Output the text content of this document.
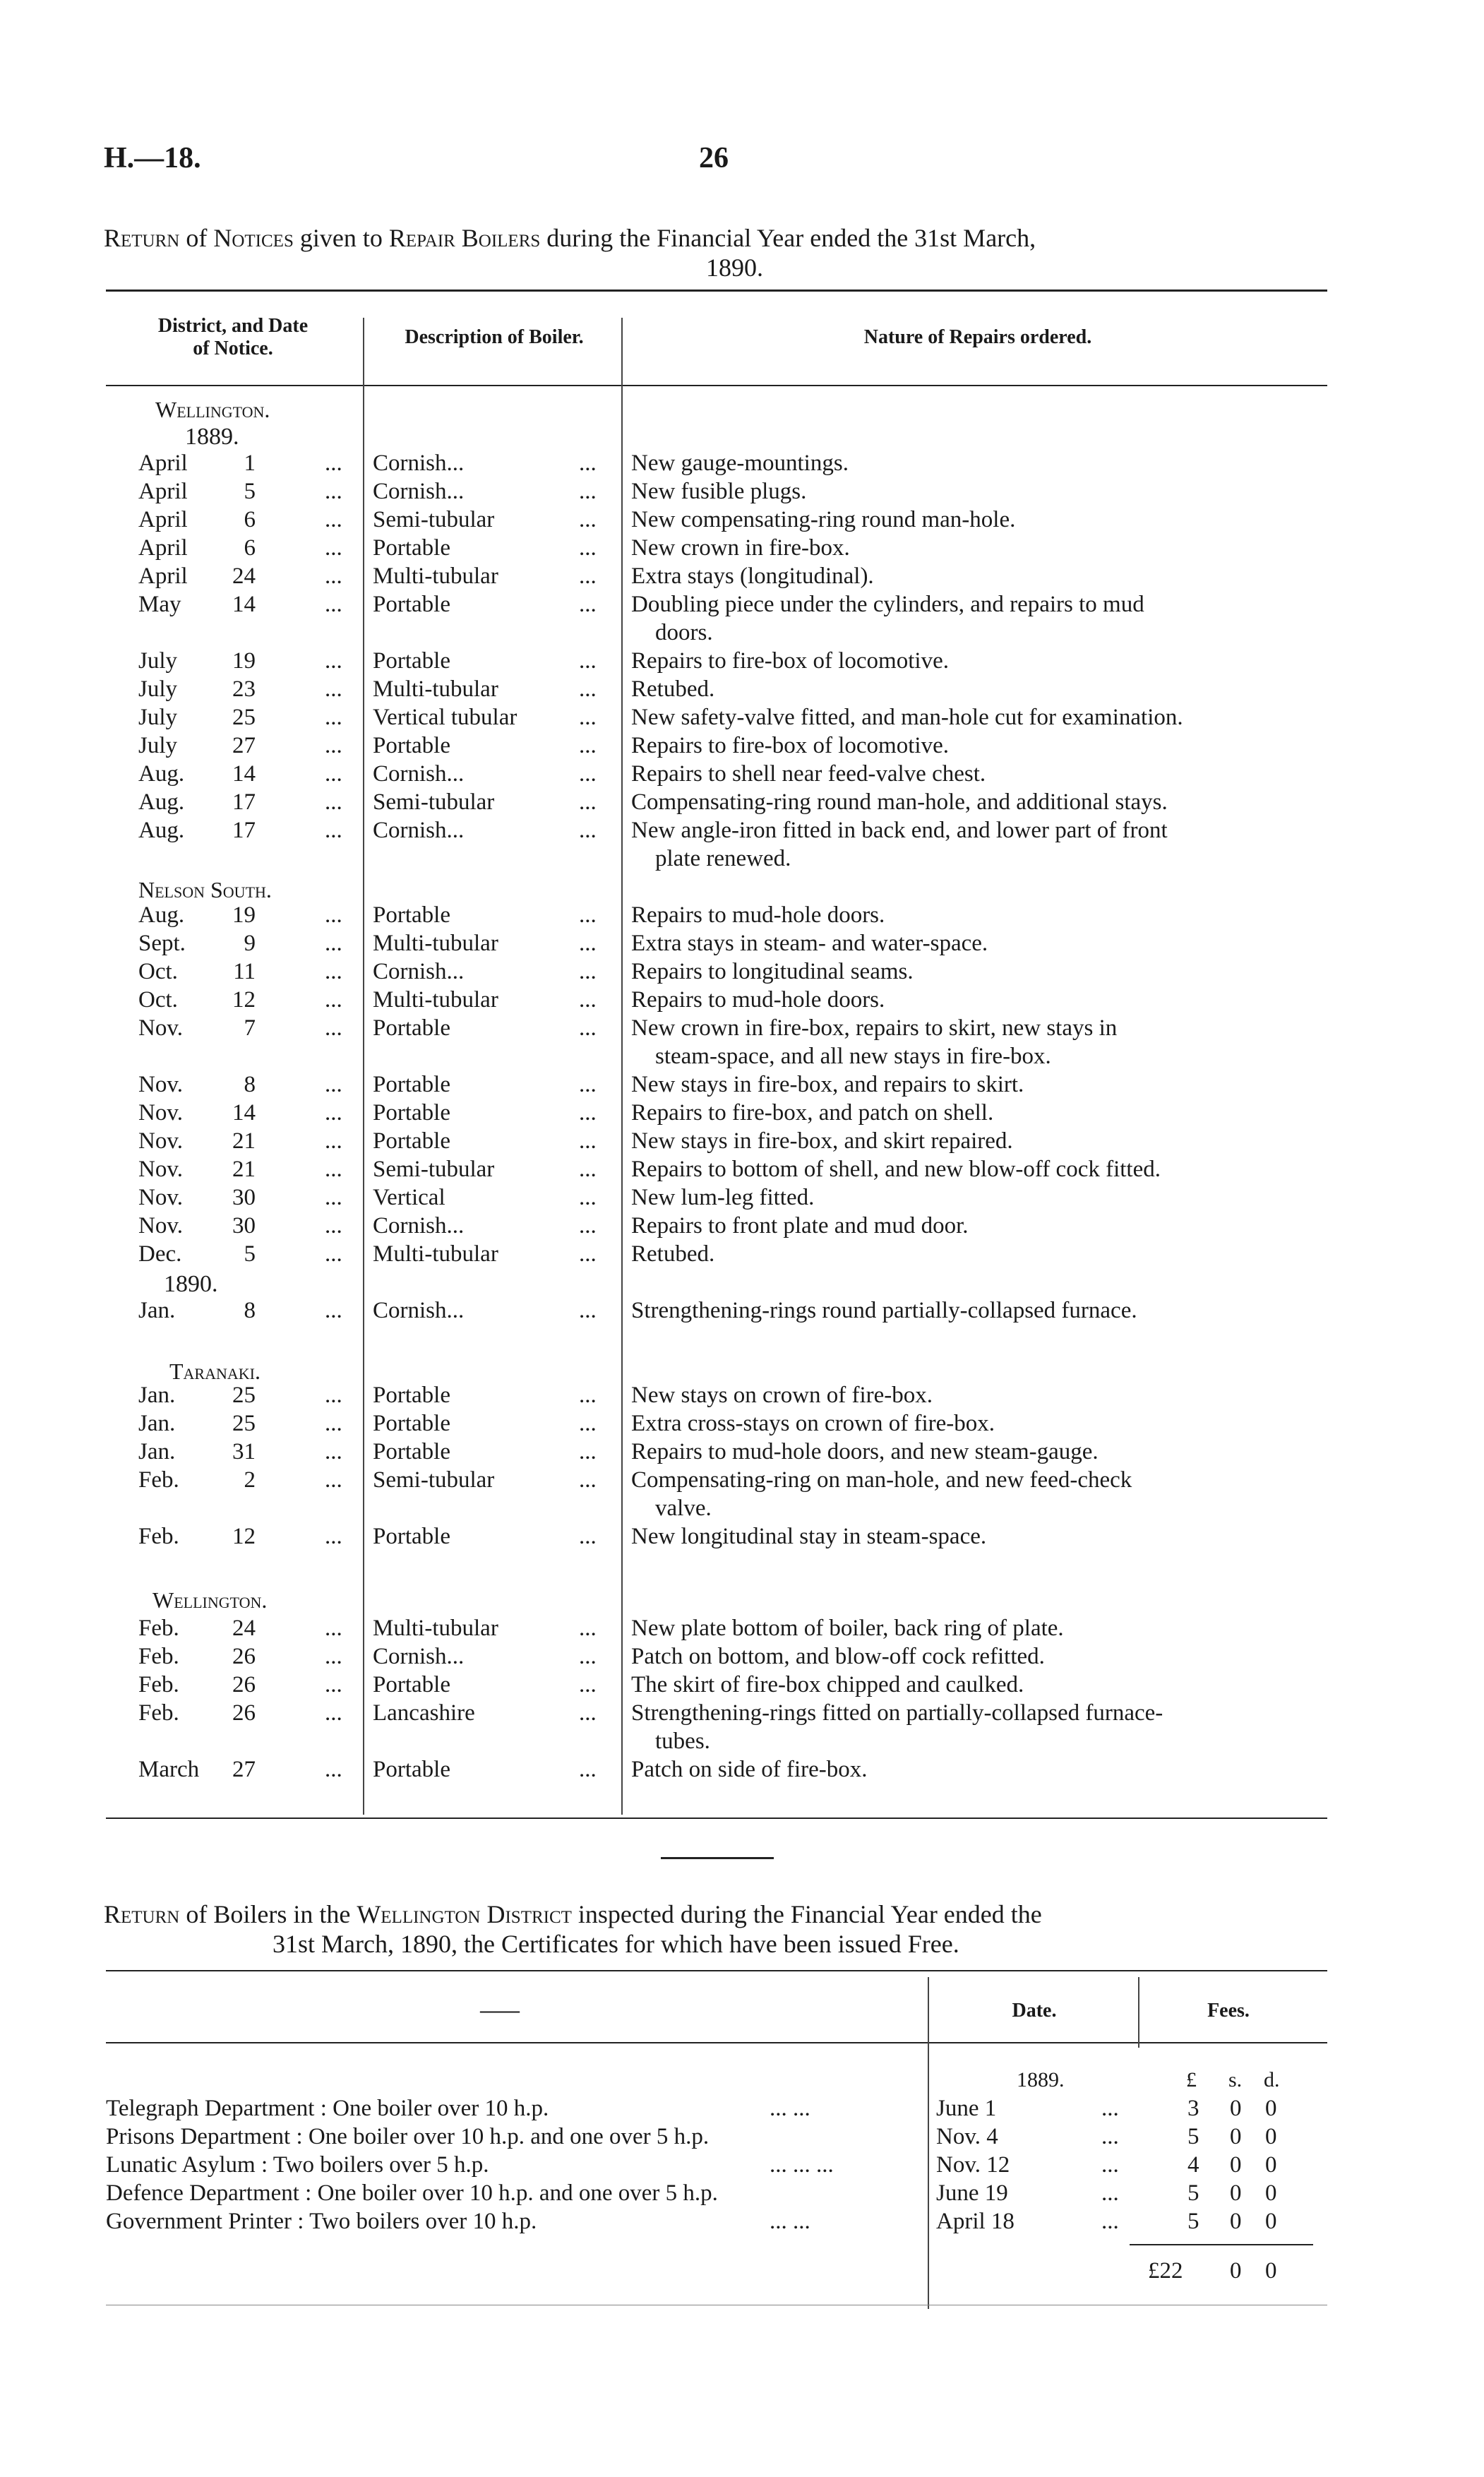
H.—18.	26
Return of Notices given to Repair Boilers during the Financial Year ended the 31st March,
1890.
District, and Date
of Notice.
Description of Boiler.	Nature of Repairs ordered.
Wellington.
1889.
Nelson South.
1890.
Taranaki.
Wellington.
April	1	... Cornish...	... New gauge-mountings.
April	5	... Cornish...	... New fusible plugs.
April	6	... Semi-tubular	... New compensating-ring round man-hole.
April	6	... Portable	... New crown in fire-box.
April	24	... Multi-tubular	... Extra stays (longitudinal).
May	14	... Portable	... Doubling piece under the cylinders, and repairs to mud
doors.
July	19	... Portable	... Repairs to fire-box of locomotive.
July	23	... Multi-tubular	... Retubed.
July	25	... Vertical tubular	... New safety-valve fitted, and man-hole cut for examination.
July	27	... Portable	... Repairs to fire-box of locomotive.
Aug.	14	... Cornish...	... Repairs to shell near feed-valve chest.
Aug.	17	... Semi-tubular	... Compensating-ring round man-hole, and additional stays.
Aug.	17	... Cornish...	... New angle-iron fitted in back end, and lower part of front
plate renewed.
Aug.	19	... Portable	... Repairs to mud-hole doors.
Sept.	9	... Multi-tubular	... Extra stays in steam- and water-space.
Oct.	11	... Cornish...	... Repairs to longitudinal seams.
Oct.	12	... Multi-tubular	... Repairs to mud-hole doors.
Nov.	7	... Portable	... New crown in fire-box, repairs to skirt, new stays in
steam-space, and all new stays in fire-box.
Nov.	8	... Portable	... New stays in fire-box, and repairs to skirt.
Nov.	14	... Portable	... Repairs to fire-box, and patch on shell.
Nov.	21	... Portable	... New stays in fire-box, and skirt repaired.
Nov.	21	... Semi-tubular	... Repairs to bottom of shell, and new blow-off cock fitted.
Nov.	30	... Vertical	... New lum-leg fitted.
Nov.	30	... Cornish...	... Repairs to front plate and mud door.
Dec.	5	... Multi-tubular	... Retubed.
Jan.	8	... Cornish...	... Strengthening-rings round partially-collapsed furnace.
Jan.	25	... Portable	... New stays on crown of fire-box.
Jan.	25	... Portable	... Extra cross-stays on crown of fire-box.
Jan.	31	... Portable	... Repairs to mud-hole doors, and new steam-gauge.
Feb.	2	... Semi-tubular	... Compensating-ring on man-hole, and new feed-check
valve.
Feb.	12	... Portable	... New longitudinal stay in steam-space.
Feb.	24	... Multi-tubular	... New plate bottom of boiler, back ring of plate.
Feb.	26	... Cornish...	... Patch on bottom, and blow-off cock refitted.
Feb.	26	... Portable	... The skirt of fire-box chipped and caulked.
Feb.	26	... Lancashire	... Strengthening-rings fitted on partially-collapsed furnace-
tubes.
March	27	... Portable	... Patch on side of fire-box.
Return of Boilers in the Wellington District inspected during the Financial Year ended the
31st March, 1890, the Certificates for which have been issued Free.
——	Date.	Fees.
1889.	£ s. d.
Telegraph Department : One boiler over 10 h.p.	... ...	June 1	...	3 0 0
Prisons Department : One boiler over 10 h.p. and one over 5 h.p.	Nov. 4	...	5 0 0
Lunatic Asylum : Two boilers over 5 h.p.	... ... ...	Nov. 12	...	4 0 0
Defence Department : One boiler over 10 h.p. and one over 5 h.p.	June 19	...	5 0 0
Government Printer : Two boilers over 10 h.p.	... ...	April 18	...	5 0 0
£22 0 0
